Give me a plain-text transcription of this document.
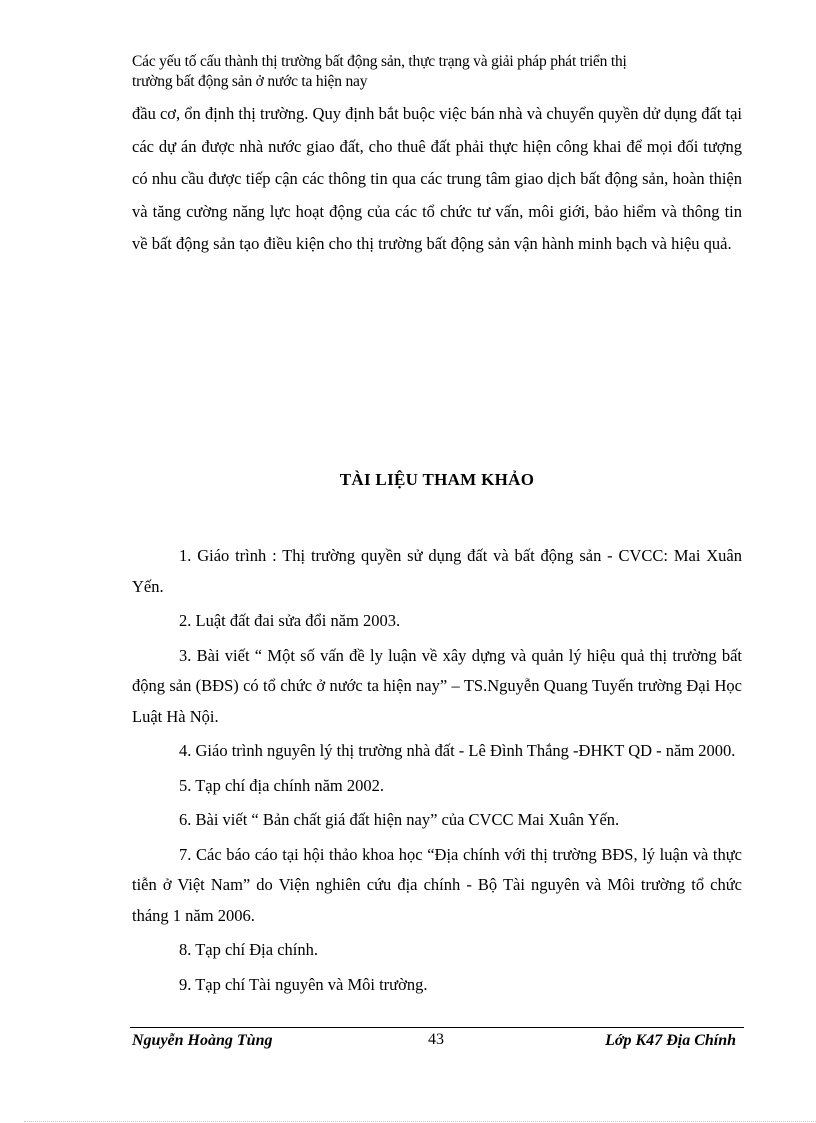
Các yếu tố cấu thành thị trường bất động sản, thực trạng và giải pháp phát triển thị
trường bất động sản ở nước ta hiện nay
đầu cơ, ổn định thị trường. Quy định bắt buộc việc bán nhà và chuyển quyền dử dụng đất tại các dự án được nhà nước giao đất, cho thuê đất phải thực hiện công khai để mọi đối tượng có nhu cầu được tiếp cận các thông tin qua các trung tâm giao dịch bất động sản, hoàn thiện và tăng cường năng lực hoạt động của các tổ chức tư vấn, môi giới, bảo hiểm và thông tin về bất động sản tạo điều kiện cho thị trường bất động sản vận hành minh bạch và hiệu quả.
TÀI LIỆU THAM KHẢO

1. Giáo trình : Thị trường quyền sử dụng đất và bất động sản - CVCC: Mai Xuân Yến.

2. Luật đất đai sửa đổi năm 2003.

3. Bài viết “ Một số vấn đề ly luận về xây dựng và quản lý hiệu quả thị trường bất động sản (BĐS) có tổ chức ở nước ta hiện nay” – TS.Nguyễn Quang Tuyến trường Đại Học Luật Hà Nội.

4. Giáo trình nguyên lý thị trường nhà đất - Lê Đình Thắng -ĐHKT QD - năm 2000.

5. Tạp chí địa chính năm 2002.

6. Bài viết “ Bản chất giá đất hiện nay” của CVCC Mai Xuân Yến.

7. Các báo cáo tại hội thảo khoa học “Địa chính với thị trường BĐS, lý luận và thực tiễn ở Việt Nam” do Viện nghiên cứu địa chính - Bộ Tài nguyên và Môi trường tổ chức tháng 1 năm 2006.

8. Tạp chí Địa chính.

9. Tạp chí Tài nguyên và Môi trường.

Nguyễn Hoàng Tùng	43	Lớp K47 Địa Chính
